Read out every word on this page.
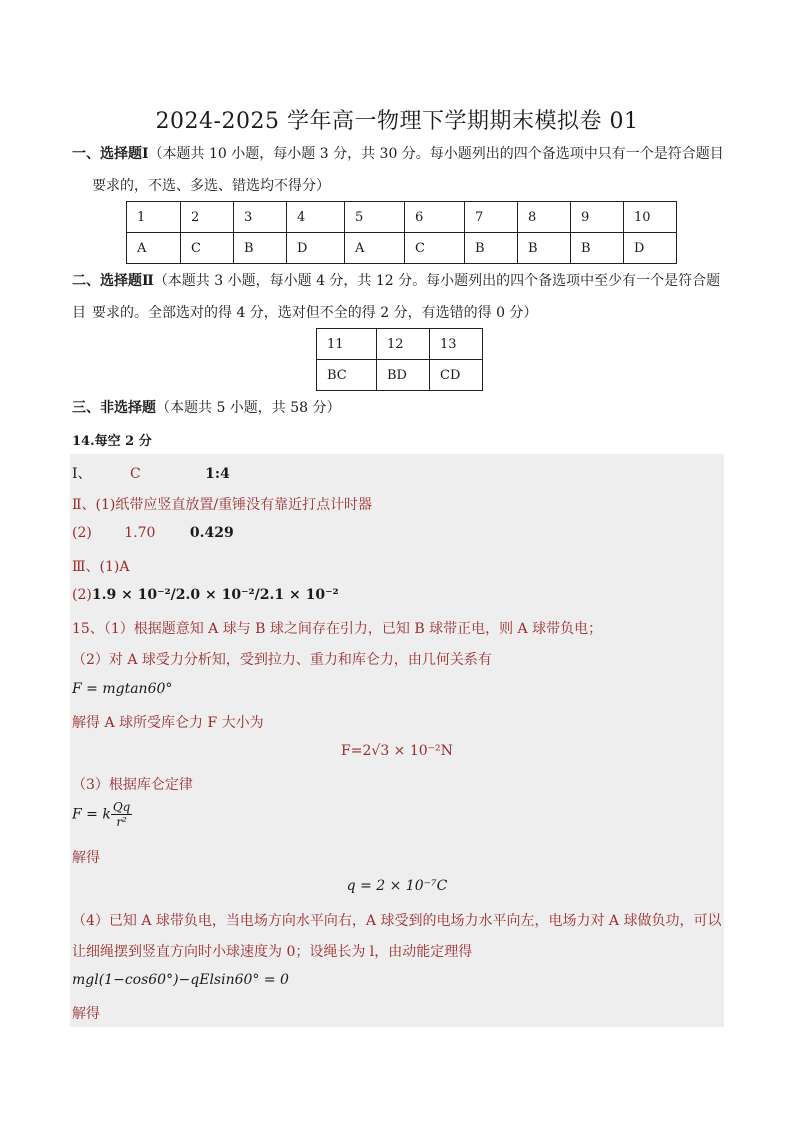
2024-2025 学年高一物理下学期期末模拟卷 01
一、选择题Ⅰ（本题共 10 小题，每小题 3 分，共 30 分。每小题列出的四个备选项中只有一个是符合题目
要求的，不选、多选、错选均不得分）
1	2	3	4	5	6	7	8	9	10
A	C	B	D	A	C	B	B	B	D
二、选择题Ⅱ（本题共 3 小题，每小题 4 分，共 12 分。每小题列出的四个备选项中至少有一个是符合题目 要求的。全部选对的得 4 分，选对但不全的得 2 分，有选错的得 0 分）
11	12	13
BC	BD	CD
三、非选择题（本题共 5 小题，共 58 分）
14.每空 2 分
Ⅰ、	C	1:4
Ⅱ、(1)纸带应竖直放置/重锤没有靠近打点计时器
(2) 1.70 0.429
Ⅲ、(1)A
(2)1.9 × 10⁻²/2.0 × 10⁻²/2.1 × 10⁻²
15、（1）根据题意知 A 球与 B 球之间存在引力，已知 B 球带正电，则 A 球带负电；
（2）对 A 球受力分析知，受到拉力、重力和库仑力，由几何关系有
F = mgtan60°
解得 A 球所受库仑力 F 大小为
F=2√3 × 10⁻²N
（3）根据库仑定律
F = k $\frac{Qq}{\text{r²}}$
解得
q = 2 × 10⁻⁷C
（4）已知 A 球带负电，当电场方向水平向右，A 球受到的电场力水平向左，电场力对 A 球做负功，可以
让细绳摆到竖直方向时小球速度为 0；设绳长为 l，由动能定理得
mgl(1−cos60°)−qElsin60° = 0
解得
